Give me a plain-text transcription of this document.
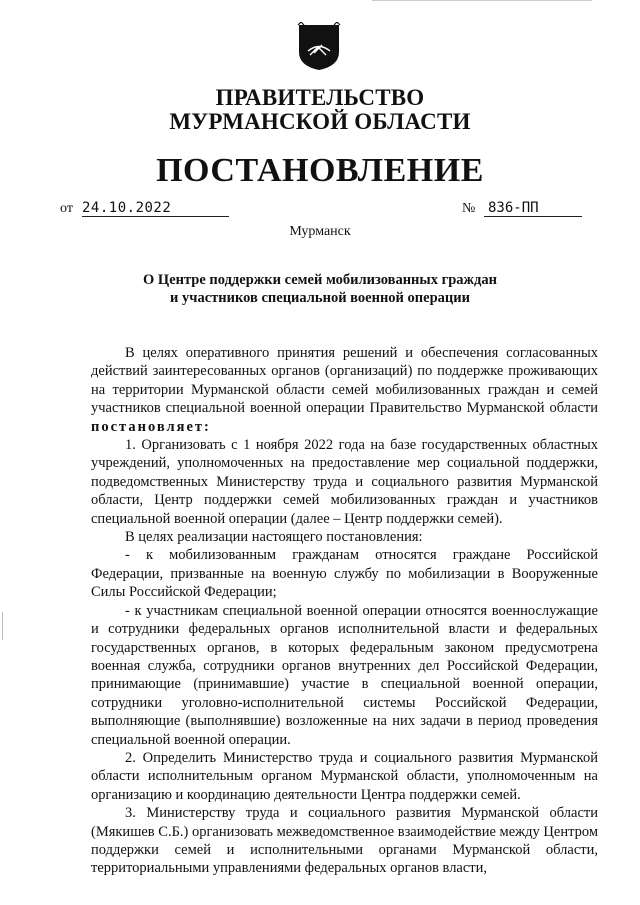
ПРАВИТЕЛЬСТВО
МУРМАНСКОЙ ОБЛАСТИ
ПОСТАНОВЛЕНИЕ
от 24.10.2022	№ 836-ПП
Мурманск
О Центре поддержки семей мобилизованных граждан
и участников специальной военной операции

В целях оперативного принятия решений и обеспечения согласованных действий заинтересованных органов (организаций) по поддержке проживающих на территории Мурманской области семей мобилизованных граждан и семей участников специальной военной операции Правительство Мурманской области постановляет:

1. Организовать с 1 ноября 2022 года на базе государственных областных учреждений, уполномоченных на предоставление мер социальной поддержки, подведомственных Министерству труда и социального развития Мурманской области, Центр поддержки семей мобилизованных граждан и участников специальной военной операции (далее – Центр поддержки семей).

В целях реализации настоящего постановления:

- к мобилизованным гражданам относятся граждане Российской Федерации, призванные на военную службу по мобилизации в Вооруженные Силы Российской Федерации;

- к участникам специальной военной операции относятся военнослужащие и сотрудники федеральных органов исполнительной власти и федеральных государственных органов, в которых федеральным законом предусмотрена военная служба, сотрудники органов внутренних дел Российской Федерации, принимающие (принимавшие) участие в специальной военной операции, сотрудники уголовно-исполнительной системы Российской Федерации, выполняющие (выполнявшие) возложенные на них задачи в период проведения специальной военной операции.

2. Определить Министерство труда и социального развития Мурманской области исполнительным органом Мурманской области, уполномоченным на организацию и координацию деятельности Центра поддержки семей.

3. Министерству труда и социального развития Мурманской области (Мякишев С.Б.) организовать межведомственное взаимодействие между Центром поддержки семей и исполнительными органами Мурманской области, территориальными управлениями федеральных органов власти,
